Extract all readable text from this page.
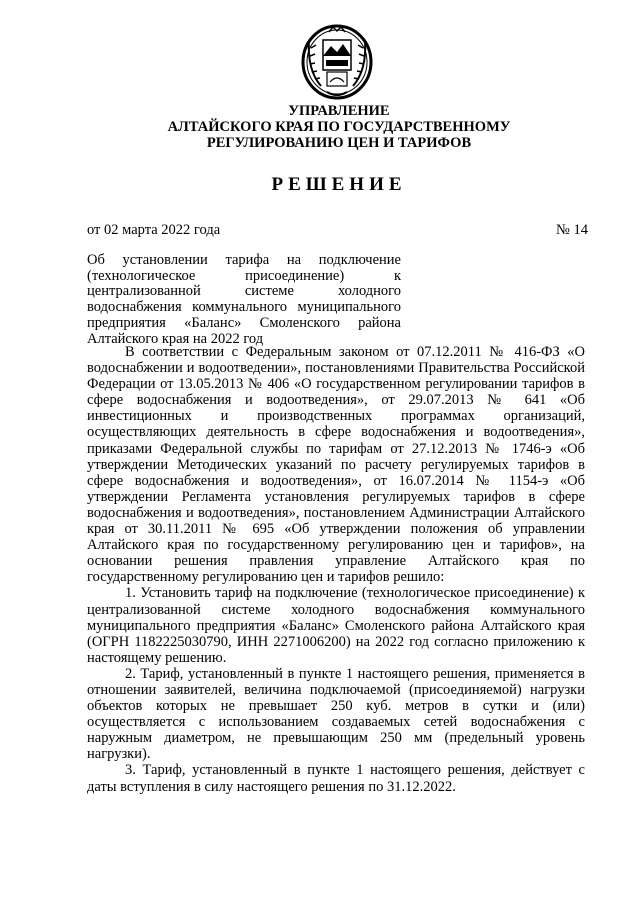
УПРАВЛЕНИЕ
АЛТАЙСКОГО КРАЯ ПО ГОСУДАРСТВЕННОМУ
РЕГУЛИРОВАНИЮ ЦЕН И ТАРИФОВ
РЕШЕНИЕ
от 02 марта 2022 года	№ 14
Об установлении тарифа на подключение (технологическое присоединение) к централизованной системе холодного водоснабжения коммунального муниципального предприятия «Баланс» Смоленского района Алтайского края на 2022 год

В соответствии с Федеральным законом от 07.12.2011 № 416-ФЗ «О водоснабжении и водоотведении», постановлениями Правительства Российской Федерации от 13.05.2013 № 406 «О государственном регулировании тарифов в сфере водоснабжения и водоотведения», от 29.07.2013 № 641 «Об инвестиционных и производственных программах организаций, осуществляющих деятельность в сфере водоснабжения и водоотведения», приказами Федеральной службы по тарифам от 27.12.2013 № 1746-э «Об утверждении Методических указаний по расчету регулируемых тарифов в сфере водоснабжения и водоотведения», от 16.07.2014 № 1154-э «Об утверждении Регламента установления регулируемых тарифов в сфере водоснабжения и водоотведения», постановлением Администрации Алтайского края от 30.11.2011 № 695 «Об утверждении положения об управлении Алтайского края по государственному регулированию цен и тарифов», на основании решения правления управление Алтайского края по государственному регулированию цен и тарифов решило:

1. Установить тариф на подключение (технологическое присоединение) к централизованной системе холодного водоснабжения коммунального муниципального предприятия «Баланс» Смоленского района Алтайского края (ОГРН 1182225030790, ИНН 2271006200) на 2022 год согласно приложению к настоящему решению.

2. Тариф, установленный в пункте 1 настоящего решения, применяется в отношении заявителей, величина подключаемой (присоединяемой) нагрузки объектов которых не превышает 250 куб. метров в сутки и (или) осуществляется с использованием создаваемых сетей водоснабжения с наружным диаметром, не превышающим 250 мм (предельный уровень нагрузки).

3. Тариф, установленный в пункте 1 настоящего решения, действует с даты вступления в силу настоящего решения по 31.12.2022.
